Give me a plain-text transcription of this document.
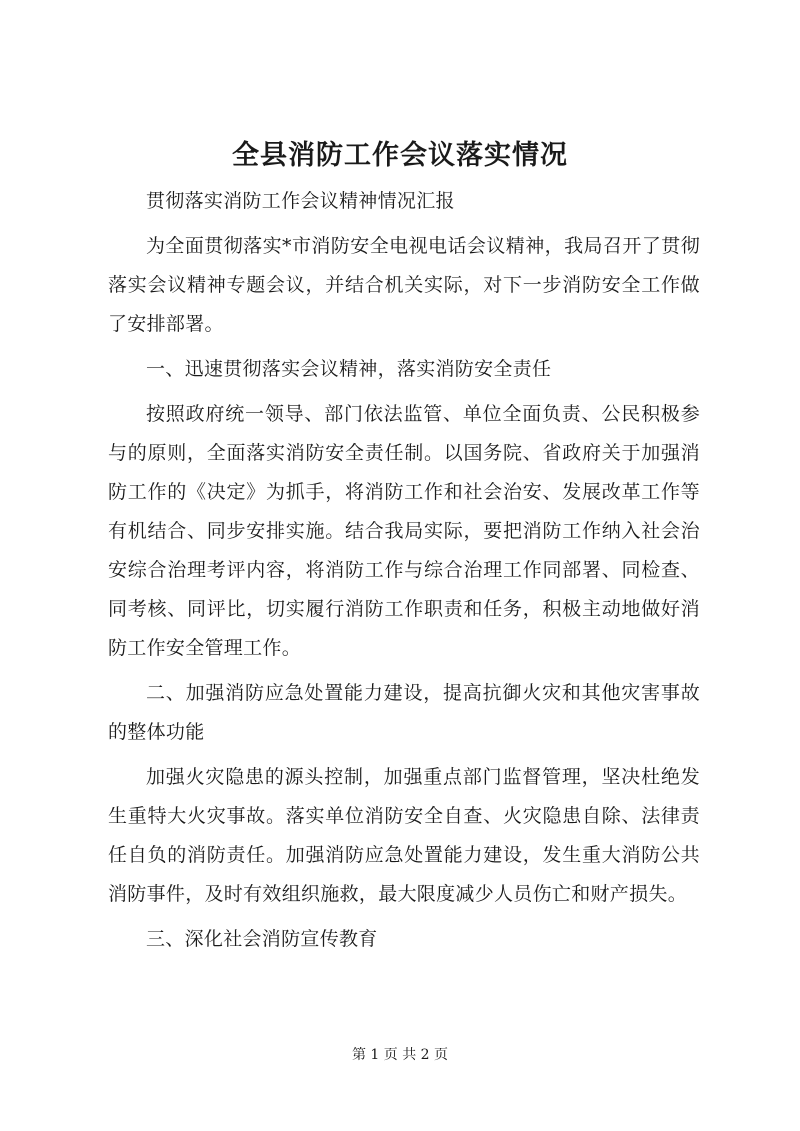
全县消防工作会议落实情况

贯彻落实消防工作会议精神情况汇报

为全面贯彻落实*市消防安全电视电话会议精神，我局召开了贯彻落实会议精神专题会议，并结合机关实际，对下一步消防安全工作做了安排部署。

一、迅速贯彻落实会议精神，落实消防安全责任

按照政府统一领导、部门依法监管、单位全面负责、公民积极参与的原则，全面落实消防安全责任制。以国务院、省政府关于加强消防工作的《决定》为抓手，将消防工作和社会治安、发展改革工作等有机结合、同步安排实施。结合我局实际，要把消防工作纳入社会治安综合治理考评内容，将消防工作与综合治理工作同部署、同检查、同考核、同评比，切实履行消防工作职责和任务，积极主动地做好消防工作安全管理工作。

二、加强消防应急处置能力建设，提高抗御火灾和其他灾害事故的整体功能

加强火灾隐患的源头控制，加强重点部门监督管理，坚决杜绝发生重特大火灾事故。落实单位消防安全自查、火灾隐患自除、法律责任自负的消防责任。加强消防应急处置能力建设，发生重大消防公共消防事件，及时有效组织施救，最大限度减少人员伤亡和财产损失。

三、深化社会消防宣传教育

第 1 页 共 2 页
